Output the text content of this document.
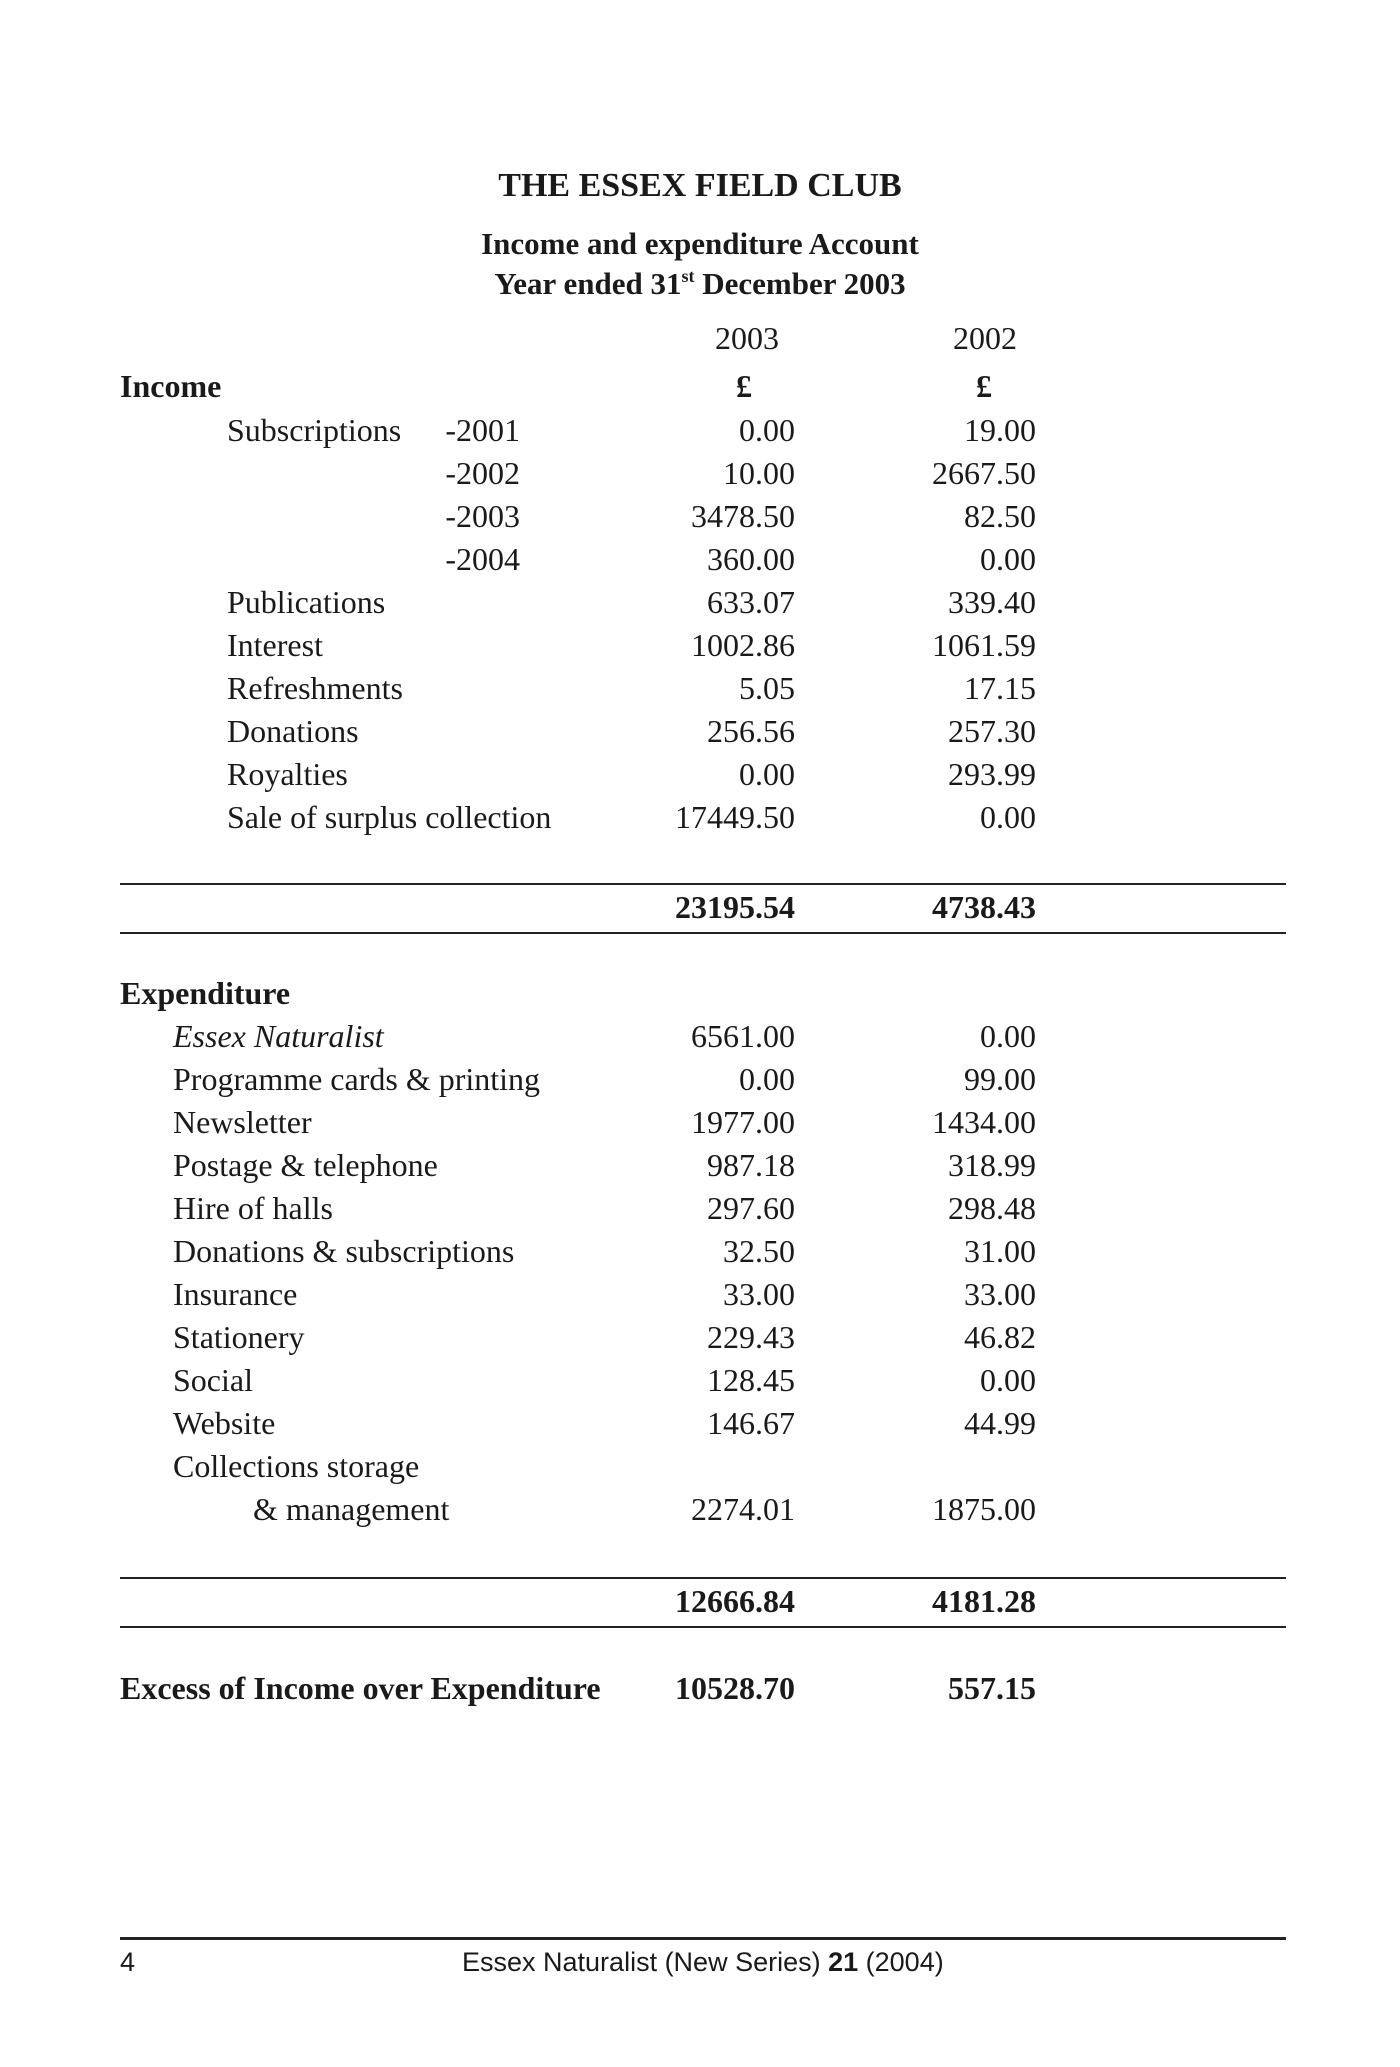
THE ESSEX FIELD CLUB
Income and expenditure Account
Year ended 31st December 2003
2003	2002
Income	£	£
Subscriptions -2001	0.00	19.00
-2002	10.00	2667.50
-2003	3478.50	82.50
-2004	360.00	0.00
Publications	633.07	339.40
Interest	1002.86	1061.59
Refreshments	5.05	17.15
Donations	256.56	257.30
Royalties	0.00	293.99
Sale of surplus collection	17449.50	0.00
23195.54	4738.43
Expenditure
Essex Naturalist	6561.00	0.00
Programme cards & printing	0.00	99.00
Newsletter	1977.00	1434.00
Postage & telephone	987.18	318.99
Hire of halls	297.60	298.48
Donations & subscriptions	32.50	31.00
Insurance	33.00	33.00
Stationery	229.43	46.82
Social	128.45	0.00
Website	146.67	44.99
Collections storage
& management	2274.01	1875.00
12666.84	4181.28
Excess of Income over Expenditure 10528.70	557.15
4	Essex Naturalist (New Series) 21 (2004)
